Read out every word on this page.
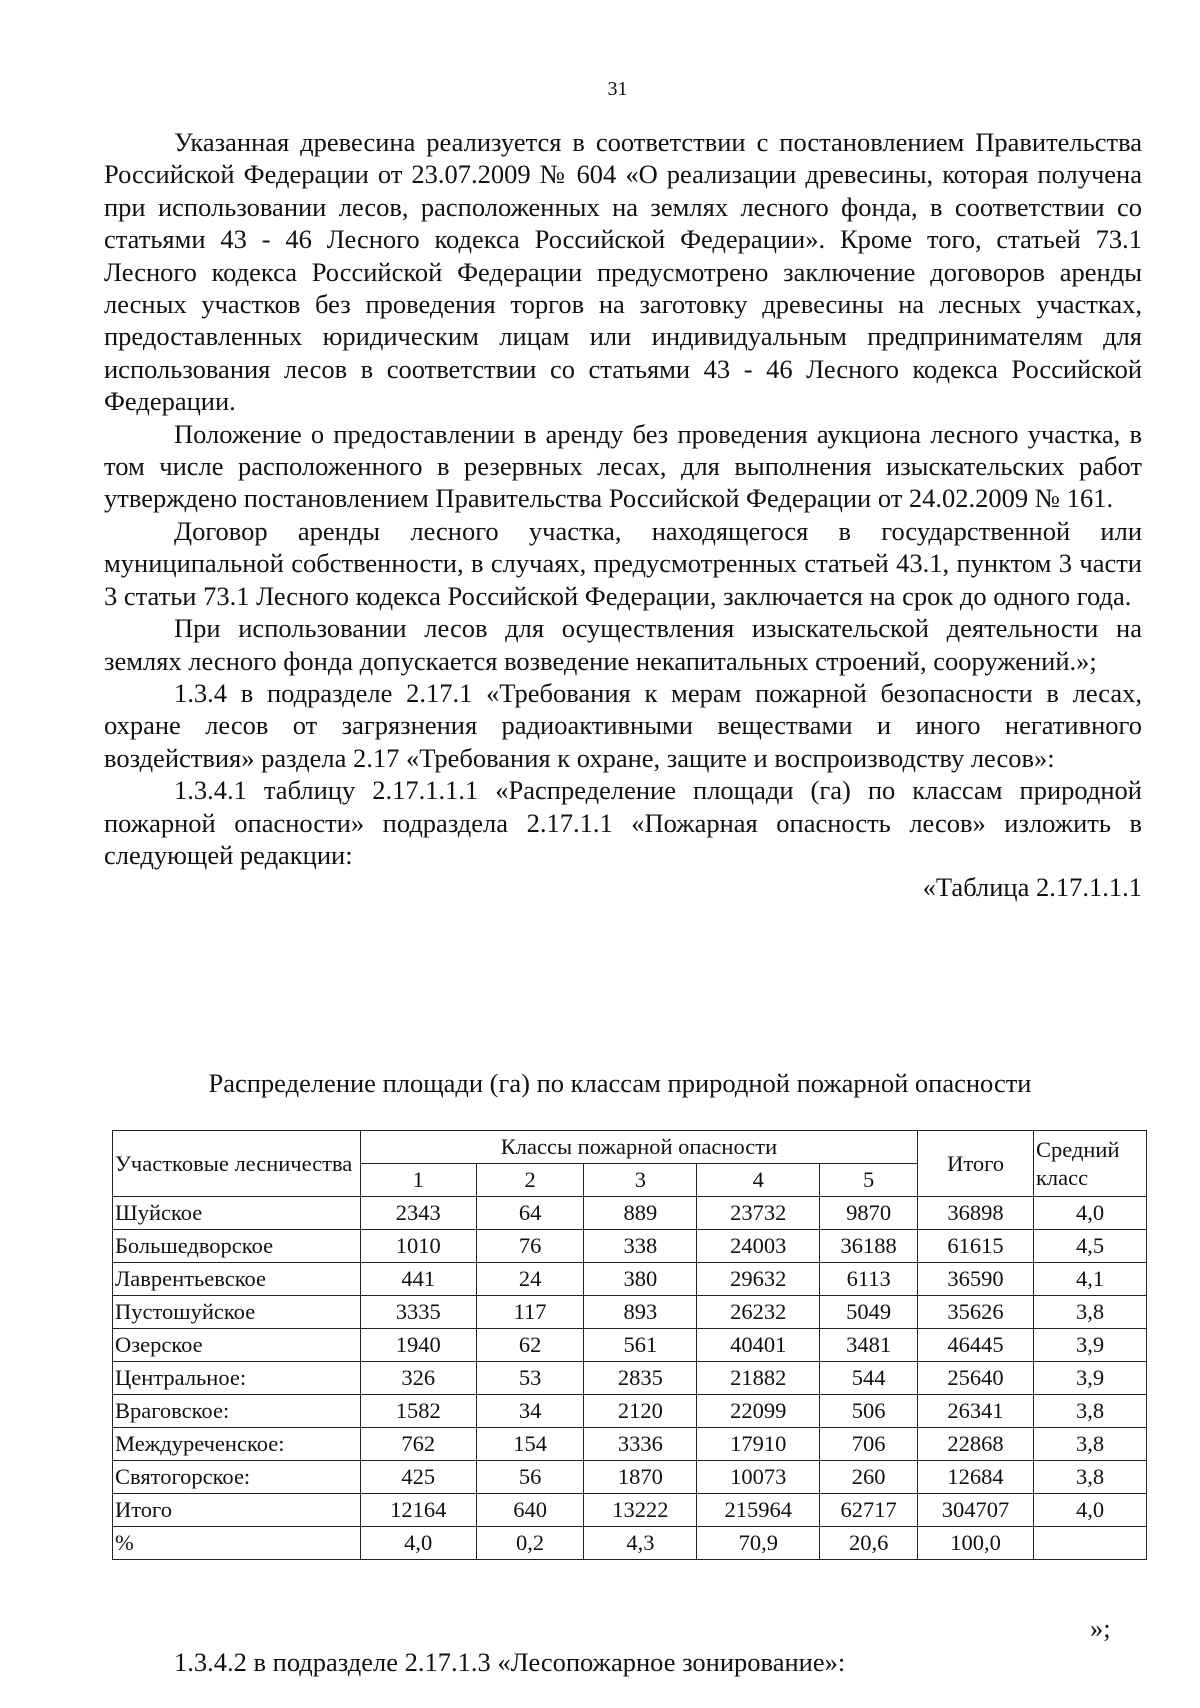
31

Указанная древесина реализуется в соответствии с постановлением Правительства Российской Федерации от 23.07.2009 № 604 «О реализации древесины, которая получена при использовании лесов, расположенных на землях лесного фонда, в соответствии со статьями 43 - 46 Лесного кодекса Российской Федерации». Кроме того, статьей 73.1 Лесного кодекса Российской Федерации предусмотрено заключение договоров аренды лесных участков без проведения торгов на заготовку древесины на лесных участках, предоставленных юридическим лицам или индивидуальным предпринимателям для использования лесов в соответствии со статьями 43 - 46 Лесного кодекса Российской Федерации.

Положение о предоставлении в аренду без проведения аукциона лесного участка, в том числе расположенного в резервных лесах, для выполнения изыскательских работ утверждено постановлением Правительства Российской Федерации от 24.02.2009 № 161.

Договор аренды лесного участка, находящегося в государственной или муниципальной собственности, в случаях, предусмотренных статьей 43.1, пунктом 3 части 3 статьи 73.1 Лесного кодекса Российской Федерации, заключается на срок до одного года.

При использовании лесов для осуществления изыскательской деятельности на землях лесного фонда допускается возведение некапитальных строений, сооружений.»;

1.3.4 в подразделе 2.17.1 «Требования к мерам пожарной безопасности в лесах, охране лесов от загрязнения радиоактивными веществами и иного негативного воздействия» раздела 2.17 «Требования к охране, защите и воспроизводству лесов»:

1.3.4.1 таблицу 2.17.1.1.1 «Распределение площади (га) по классам природной пожарной опасности» подраздела 2.17.1.1 «Пожарная опасность лесов» изложить в следующей редакции:

«Таблица 2.17.1.1.1

Распределение площади (га) по классам природной пожарной опасности
Участковые лесничества	Классы пожарной опасности					Итого	Средний класс
	1	2	3	4	5		
Шуйское	2343	64	889	23732	9870	36898	4,0
Большедворское	1010	76	338	24003	36188	61615	4,5
Лаврентьевское	441	24	380	29632	6113	36590	4,1
Пустошуйское	3335	117	893	26232	5049	35626	3,8
Озерское	1940	62	561	40401	3481	46445	3,9
Центральное:	326	53	2835	21882	544	25640	3,9
Враговское:	1582	34	2120	22099	506	26341	3,8
Междуреченское:	762	154	3336	17910	706	22868	3,8
Святогорское:	425	56	1870	10073	260	12684	3,8
Итого	12164	640	13222	215964	62717	304707	4,0
%	4,0	0,2	4,3	70,9	20,6	100,0	
»;
1.3.4.2 в подразделе 2.17.1.3 «Лесопожарное зонирование»:
